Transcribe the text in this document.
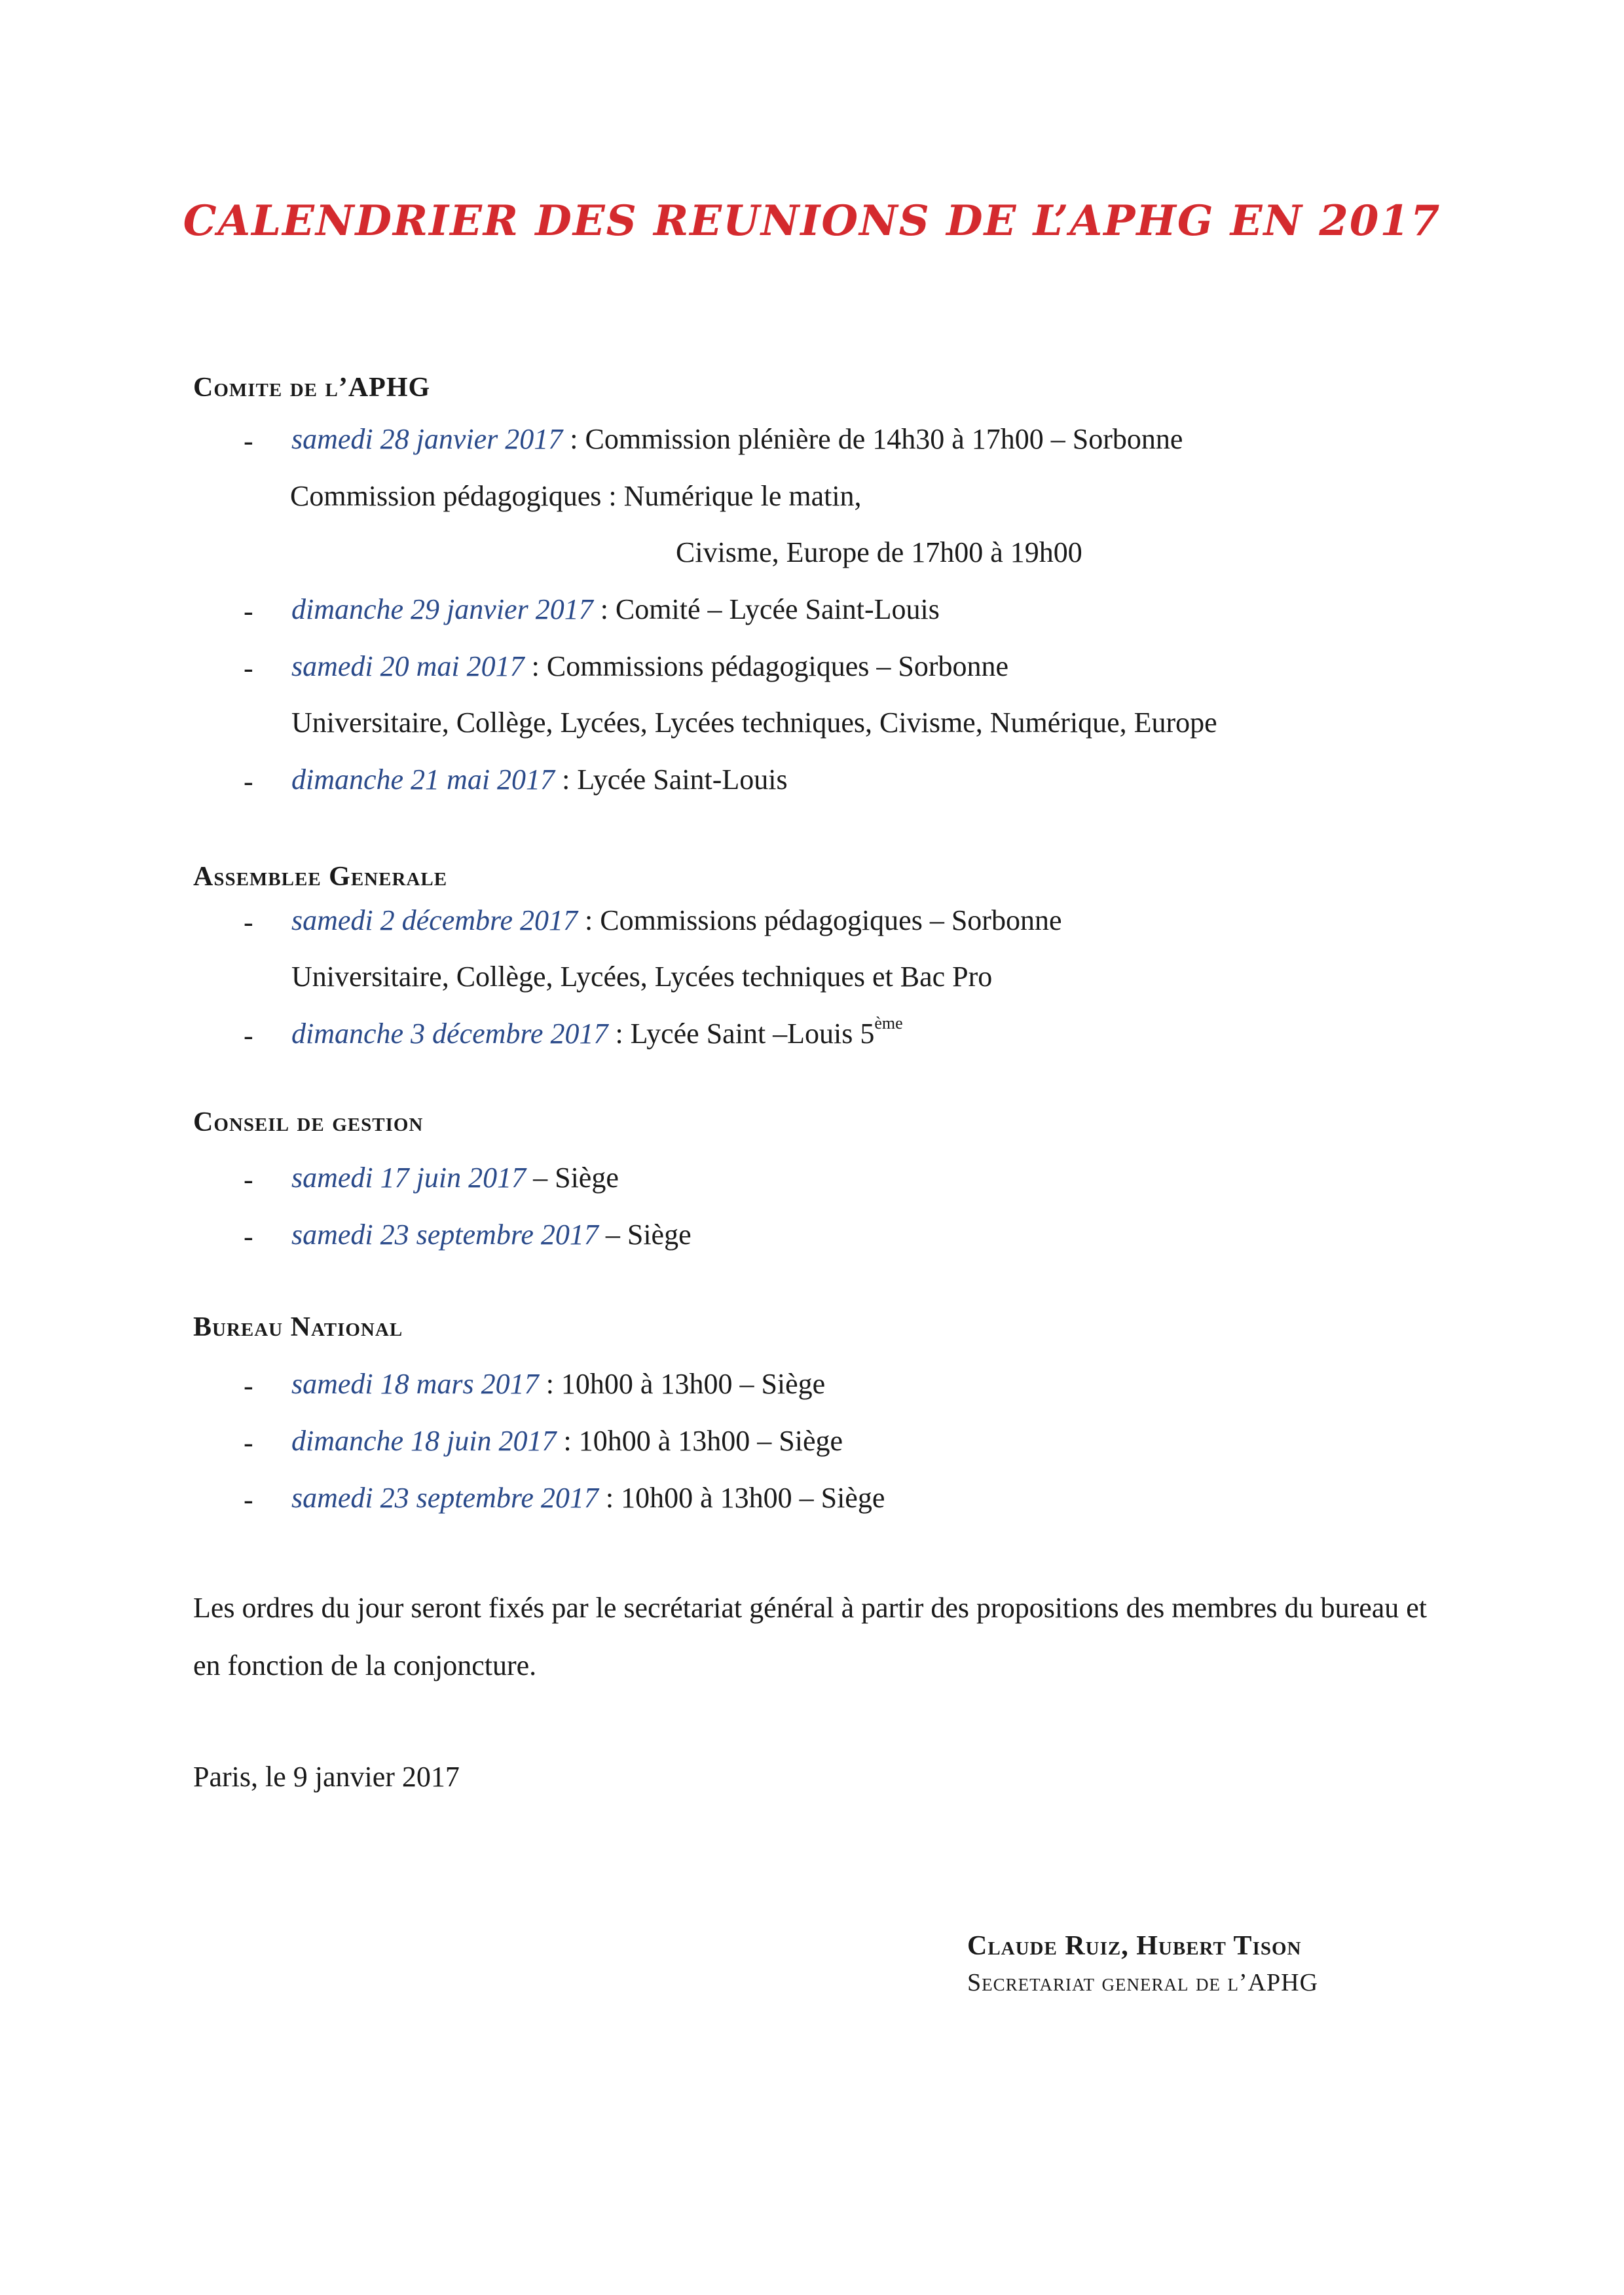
CALENDRIER DES REUNIONS DE L’APHG EN 2017
Comite de l’APHG
- samedi 28 janvier 2017 : Commission plénière de 14h30 à 17h00 – Sorbonne
Commission pédagogiques : Numérique le matin,
Civisme, Europe de 17h00 à 19h00
- dimanche 29 janvier 2017 : Comité – Lycée Saint-Louis
- samedi 20 mai 2017 : Commissions pédagogiques – Sorbonne
Universitaire, Collège, Lycées, Lycées techniques, Civisme, Numérique, Europe
- dimanche 21 mai 2017 : Lycée Saint-Louis
Assemblee Generale
- samedi 2 décembre 2017 : Commissions pédagogiques – Sorbonne
Universitaire, Collège, Lycées, Lycées techniques et Bac Pro
- dimanche 3 décembre 2017 : Lycée Saint –Louis 5ème
Conseil de gestion
- samedi 17 juin 2017 – Siège
- samedi 23 septembre 2017 – Siège
Bureau National
- samedi 18 mars 2017 : 10h00 à 13h00 – Siège
- dimanche 18 juin 2017 : 10h00 à 13h00 – Siège
- samedi 23 septembre 2017 : 10h00 à 13h00 – Siège
Les ordres du jour seront fixés par le secrétariat général à partir des propositions des membres du bureau et en fonction de la conjoncture.
Paris, le 9 janvier 2017
Claude Ruiz, Hubert Tison
Secretariat general de l’APHG
